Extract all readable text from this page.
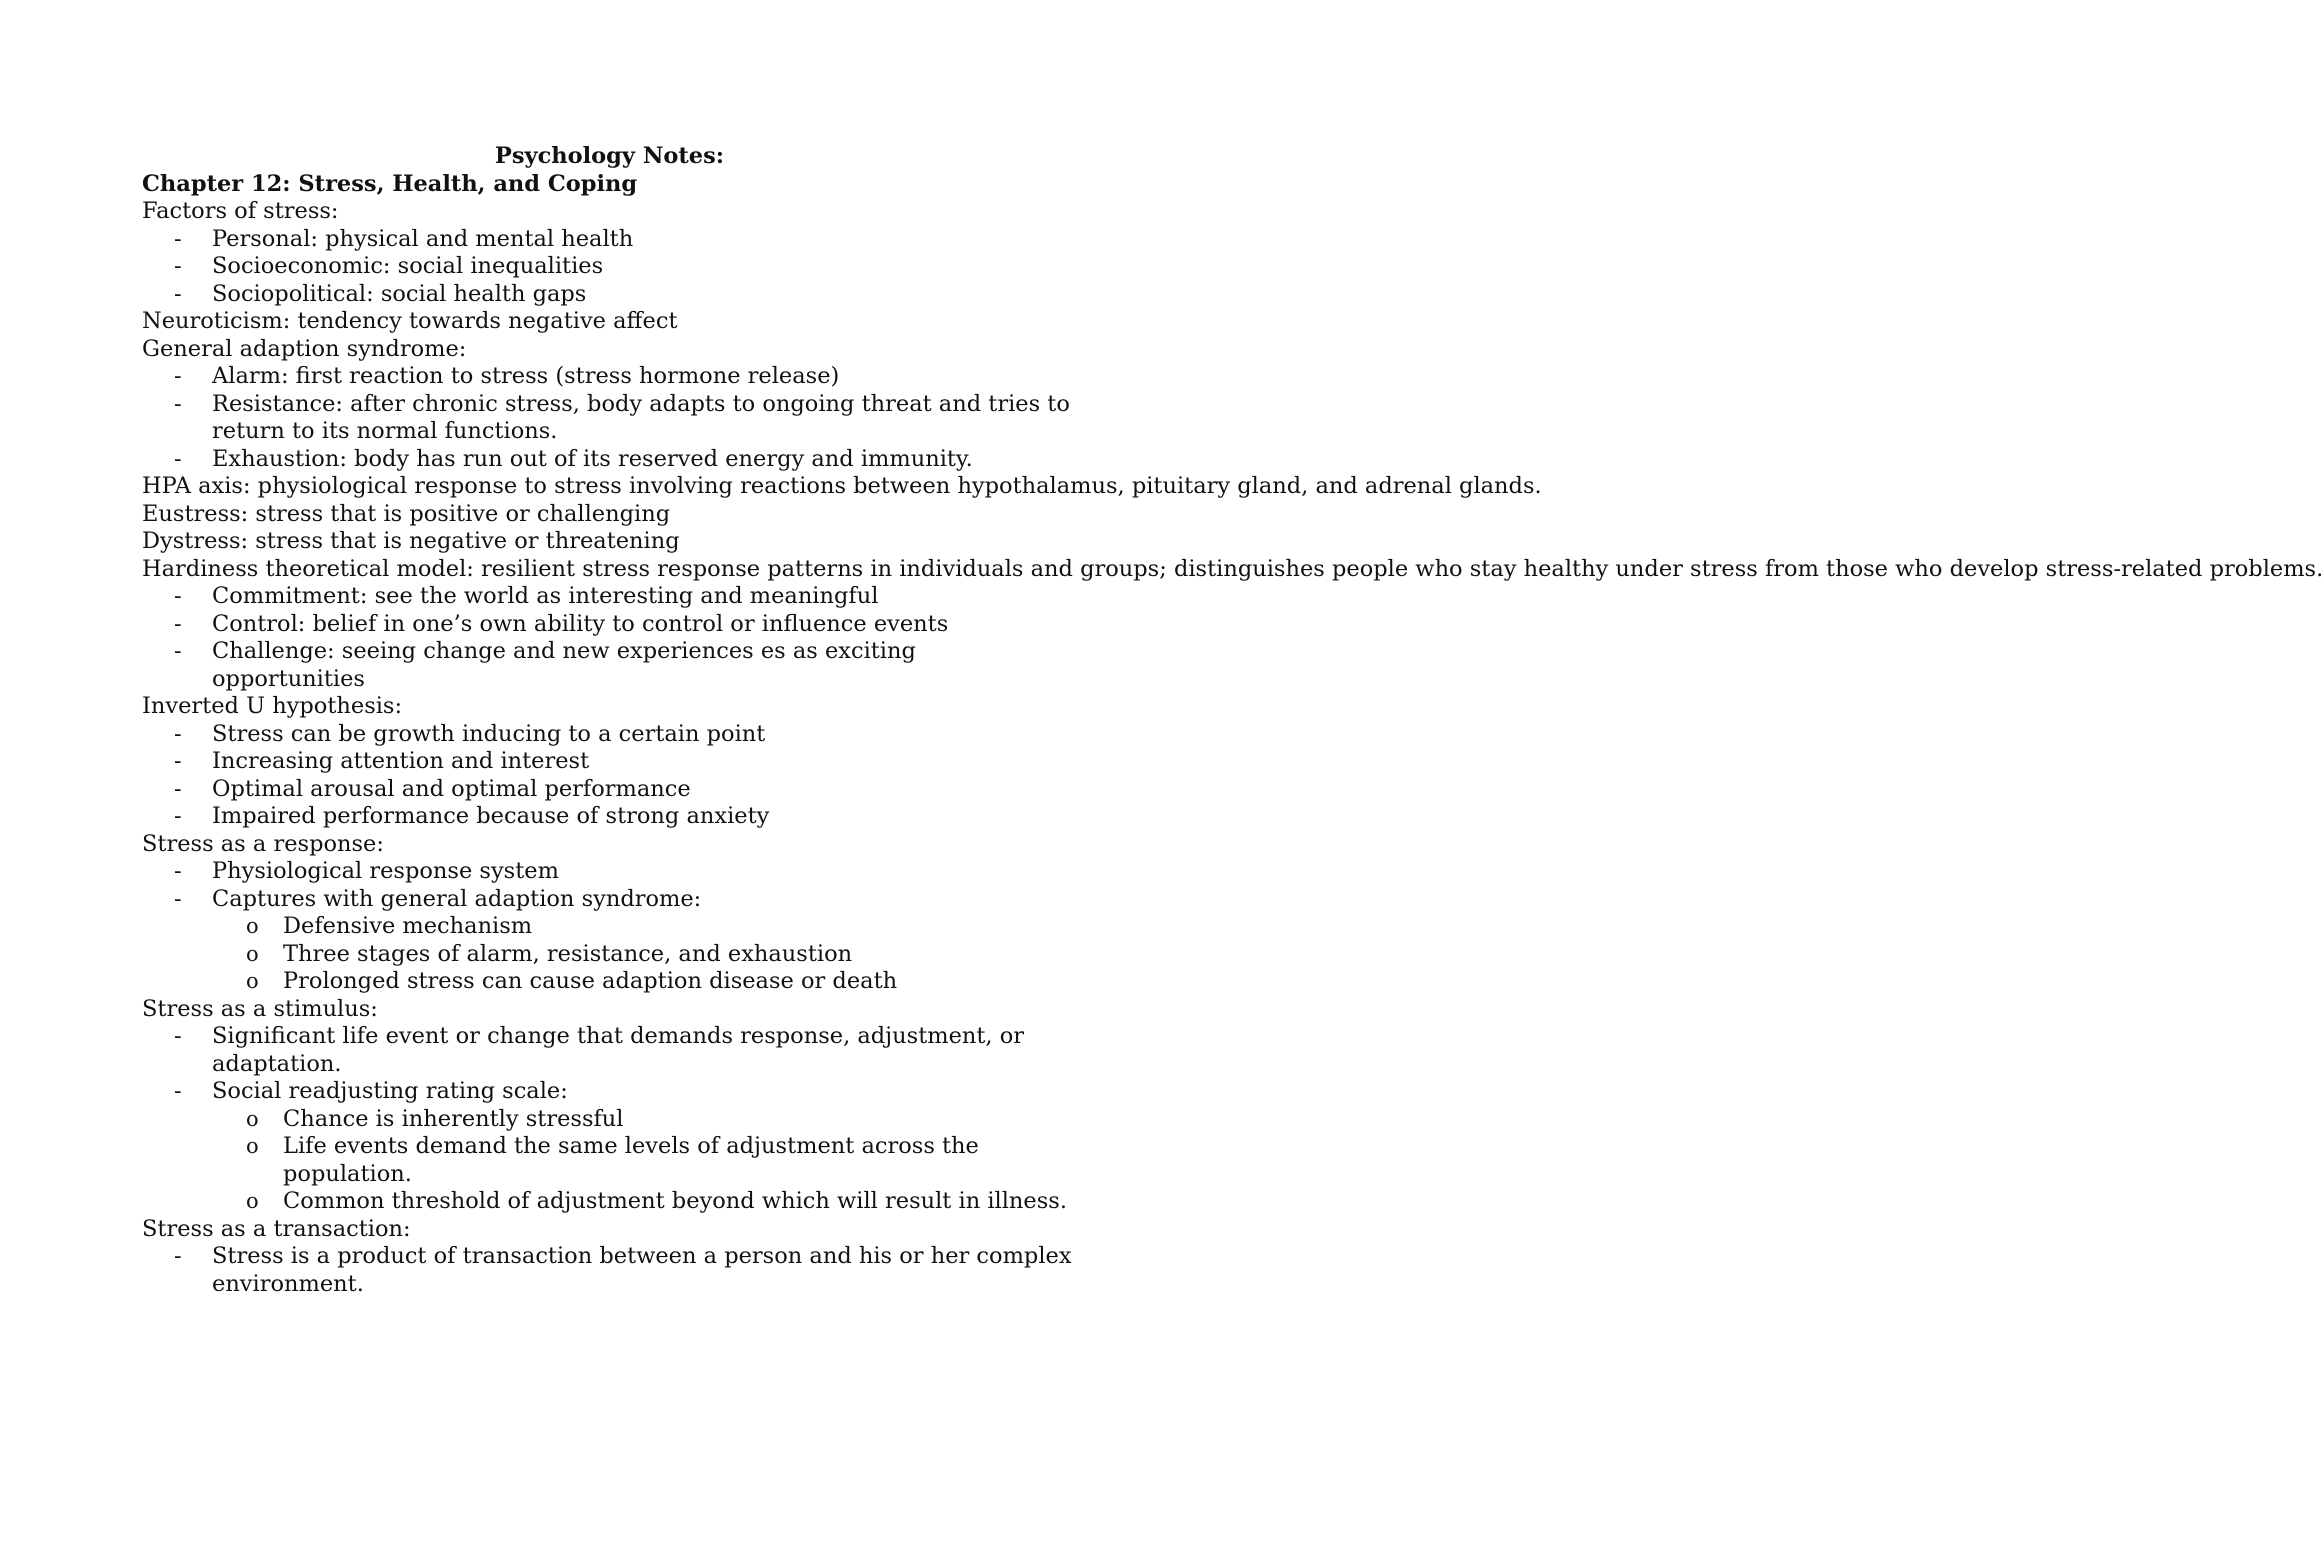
Psychology Notes:
Chapter 12: Stress, Health, and Coping
Factors of stress:
- Personal: physical and mental health
- Socioeconomic: social inequalities
- Sociopolitical: social health gaps
Neuroticism: tendency towards negative affect
General adaption syndrome:
- Alarm: first reaction to stress (stress hormone release)
- Resistance: after chronic stress, body adapts to ongoing threat and tries to return to its normal functions.
- Exhaustion: body has run out of its reserved energy and immunity.
HPA axis: physiological response to stress involving reactions between hypothalamus, pituitary gland, and adrenal glands.
Eustress: stress that is positive or challenging
Dystress: stress that is negative or threatening
Hardiness theoretical model: resilient stress response patterns in individuals and groups; distinguishes people who stay healthy under stress from those who develop stress-related problems.
- Commitment: see the world as interesting and meaningful
- Control: belief in one’s own ability to control or influence events
- Challenge: seeing change and new experiences es as exciting opportunities
Inverted U hypothesis:
- Stress can be growth inducing to a certain point
- Increasing attention and interest
- Optimal arousal and optimal performance
- Impaired performance because of strong anxiety
Stress as a response:
- Physiological response system
- Captures with general adaption syndrome:
o Defensive mechanism
o Three stages of alarm, resistance, and exhaustion
o Prolonged stress can cause adaption disease or death
Stress as a stimulus:
- Significant life event or change that demands response, adjustment, or adaptation.
- Social readjusting rating scale:
o Chance is inherently stressful
o Life events demand the same levels of adjustment across the population.
o Common threshold of adjustment beyond which will result in illness.
Stress as a transaction:
- Stress is a product of transaction between a person and his or her complex environment.
